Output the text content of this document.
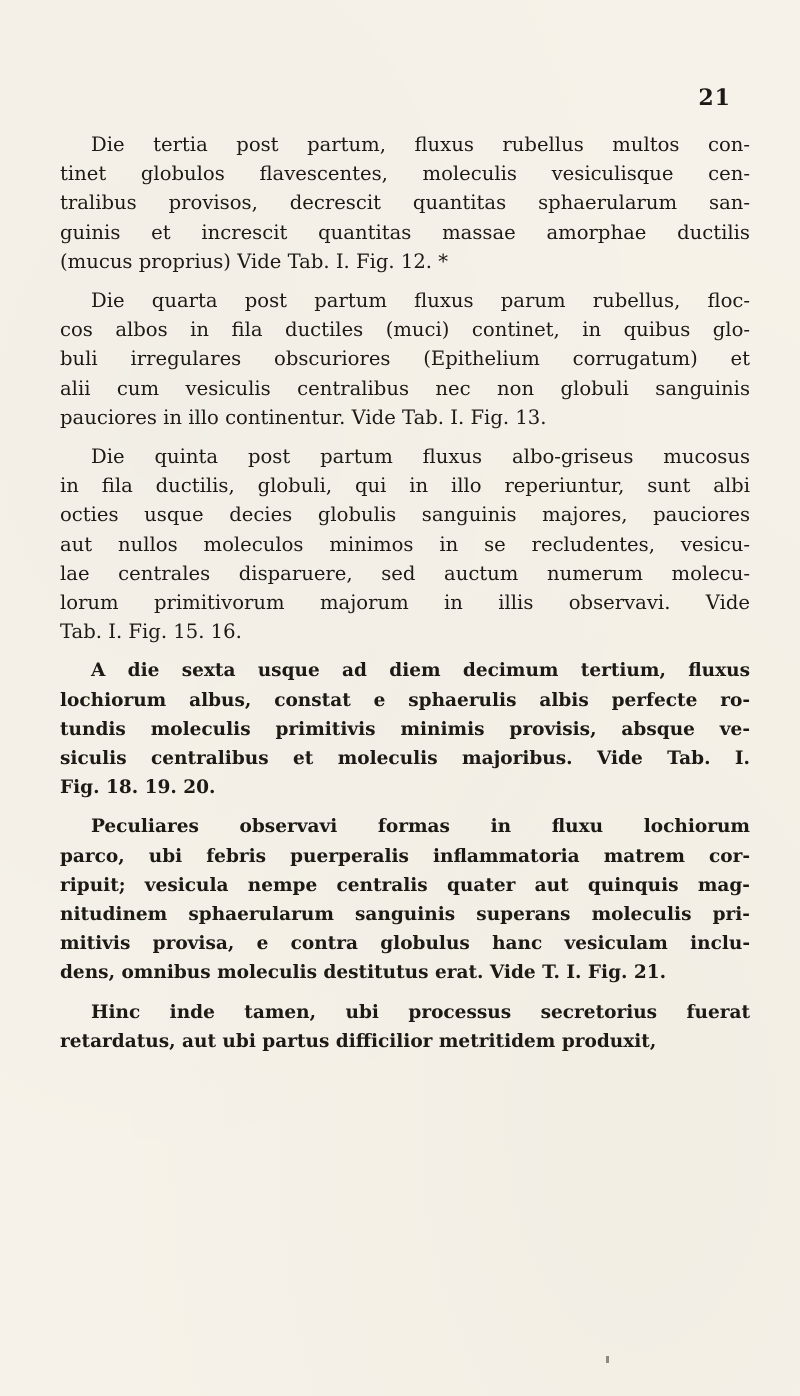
21

Die tertia post partum, fluxus rubellus multos con-
tinet globulos flavescentes, moleculis vesiculisque cen-
tralibus provisos, decrescit quantitas sphaerularum san-
guinis et increscit quantitas massae amorphae ductilis
(mucus proprius) Vide Tab. I. Fig. 12. *

Die quarta post partum fluxus parum rubellus, floc-
cos albos in fila ductiles (muci) continet, in quibus glo-
buli irregulares obscuriores (Epithelium corrugatum) et
alii cum vesiculis centralibus nec non globuli sanguinis
pauciores in illo continentur. Vide Tab. I. Fig. 13.

Die quinta post partum fluxus albo-griseus mucosus
in fila ductilis, globuli, qui in illo reperiuntur, sunt albi
octies usque decies globulis sanguinis majores, pauciores
aut nullos moleculos minimos in se recludentes, vesicu-
lae centrales disparuere, sed auctum numerum molecu-
lorum primitivorum majorum in illis observavi. Vide
Tab. I. Fig. 15. 16.

A die sexta usque ad diem decimum tertium, fluxus
lochiorum albus, constat e sphaerulis albis perfecte ro-
tundis moleculis primitivis minimis provisis, absque ve-
siculis centralibus et moleculis majoribus. Vide Tab. I.
Fig. 18. 19. 20.

Peculiares observavi formas in fluxu lochiorum
parco, ubi febris puerperalis inflammatoria matrem cor-
ripuit; vesicula nempe centralis quater aut quinquis mag-
nitudinem sphaerularum sanguinis superans moleculis pri-
mitivis provisa, e contra globulus hanc vesiculam inclu-
dens, omnibus moleculis destitutus erat. Vide T. I. Fig. 21.

Hinc inde tamen, ubi processus secretorius fuerat
retardatus, aut ubi partus difficilior metritidem produxit,
